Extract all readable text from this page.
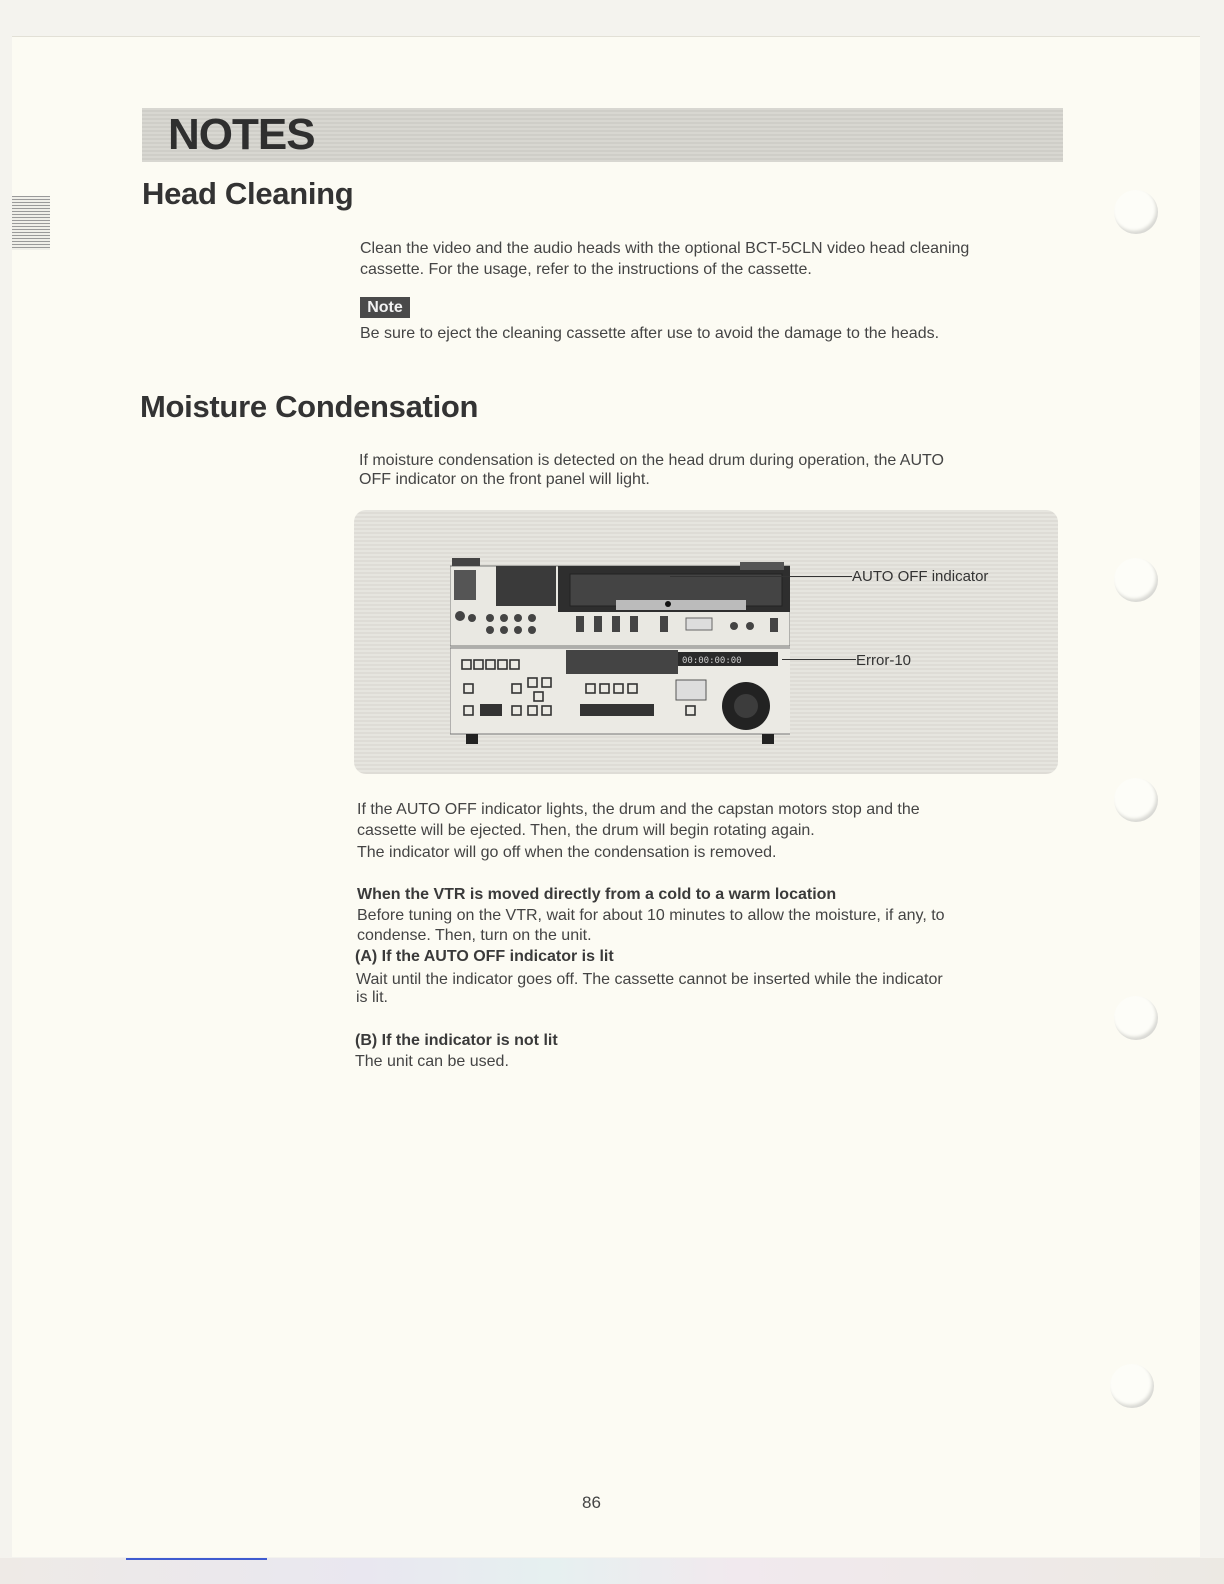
NOTES
Head Cleaning

Clean the video and the audio heads with the optional BCT-5CLN video head cleaning

cassette. For the usage, refer to the instructions of the cassette.

Note

Be sure to eject the cleaning cassette after use to avoid the damage to the heads.

Moisture Condensation

If moisture condensation is detected on the head drum during operation, the AUTO

OFF indicator on the front panel will light.

00:00:00:00
AUTO OFF indicator
Error-10

If the AUTO OFF indicator lights, the drum and the capstan motors stop and the

cassette will be ejected. Then, the drum will begin rotating again.

The indicator will go off when the condensation is removed.

When the VTR is moved directly from a cold to a warm location

Before tuning on the VTR, wait for about 10 minutes to allow the moisture, if any, to

condense. Then, turn on the unit.

(A) If the AUTO OFF indicator is lit

Wait until the indicator goes off. The cassette cannot be inserted while the indicator

is lit.

(B) If the indicator is not lit

The unit can be used.

86
